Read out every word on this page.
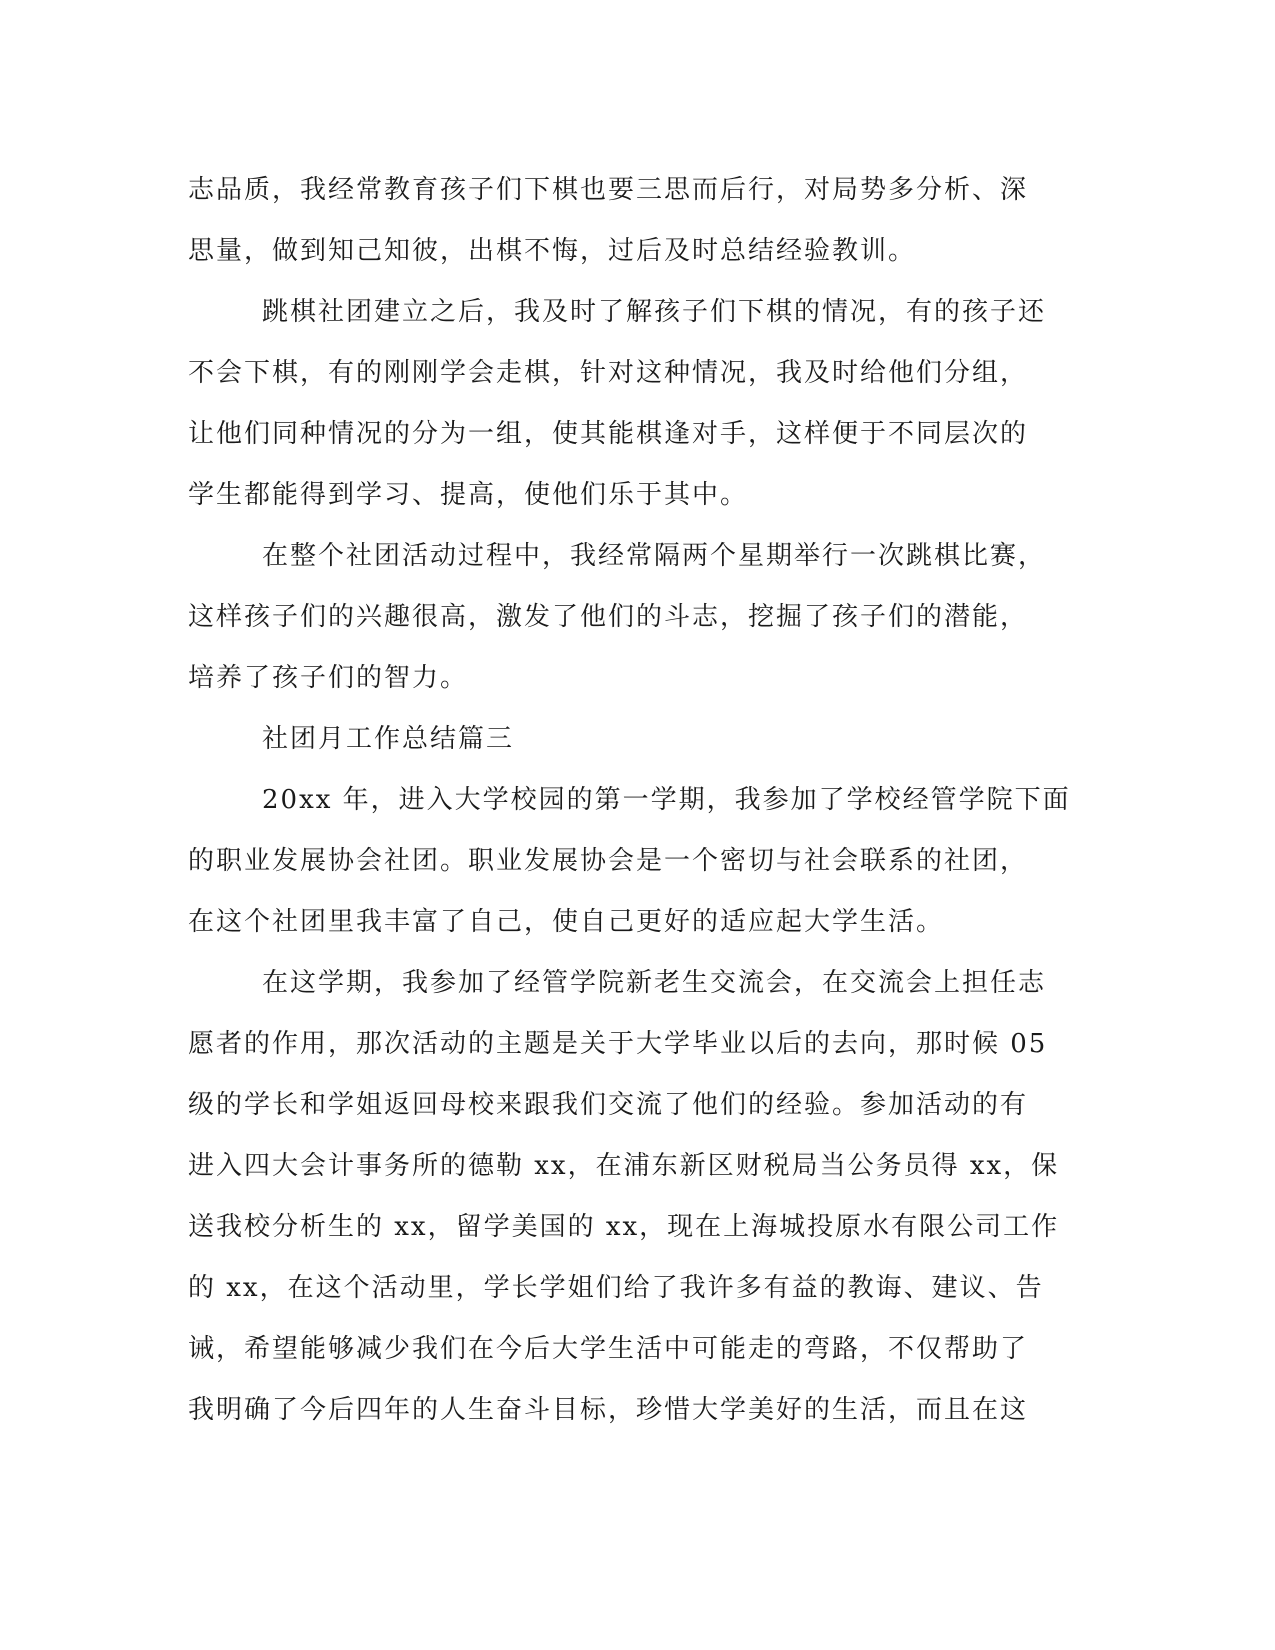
志品质，我经常教育孩子们下棋也要三思而后行，对局势多分析、深
思量，做到知己知彼，出棋不悔，过后及时总结经验教训。
跳棋社团建立之后，我及时了解孩子们下棋的情况，有的孩子还
不会下棋，有的刚刚学会走棋，针对这种情况，我及时给他们分组，
让他们同种情况的分为一组，使其能棋逢对手，这样便于不同层次的
学生都能得到学习、提高，使他们乐于其中。
在整个社团活动过程中，我经常隔两个星期举行一次跳棋比赛，
这样孩子们的兴趣很高，激发了他们的斗志，挖掘了孩子们的潜能，
培养了孩子们的智力。
社团月工作总结篇三
20xx 年，进入大学校园的第一学期，我参加了学校经管学院下面
的职业发展协会社团。职业发展协会是一个密切与社会联系的社团，
在这个社团里我丰富了自己，使自己更好的适应起大学生活。
在这学期，我参加了经管学院新老生交流会，在交流会上担任志
愿者的作用，那次活动的主题是关于大学毕业以后的去向，那时候 05
级的学长和学姐返回母校来跟我们交流了他们的经验。参加活动的有
进入四大会计事务所的德勒 xx，在浦东新区财税局当公务员得 xx，保
送我校分析生的 xx，留学美国的 xx，现在上海城投原水有限公司工作
的 xx，在这个活动里，学长学姐们给了我许多有益的教诲、建议、告
诫，希望能够减少我们在今后大学生活中可能走的弯路，不仅帮助了
我明确了今后四年的人生奋斗目标，珍惜大学美好的生活，而且在这
